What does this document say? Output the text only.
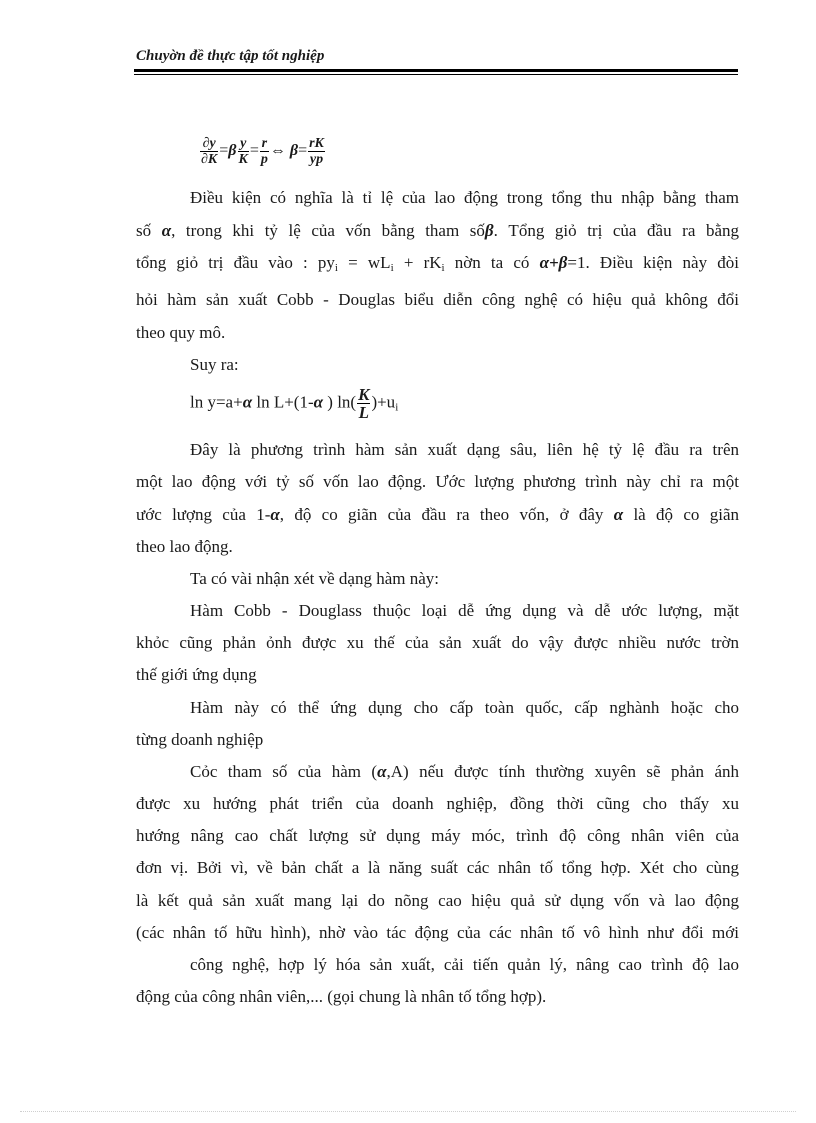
Chuyờn đề thực tập tốt nghiệp
$\frac{\partial y}{\partial K} =\beta \frac{y}{K} = \frac{r}{p}$ ⇔ $\beta= \frac{rK}{yp}$
Điều kiện có nghĩa là tỉ lệ của lao động trong tổng thu nhập bằng tham
số α, trong khi tỷ lệ của vốn bằng tham sốβ. Tổng giỏ trị của đầu ra bằng
tổng giỏ trị đầu vào : $py_i = wL_i + rK_i$ nờn ta có α+β=1. Điều kiện này đòi
hỏi hàm sản xuất Cobb - Douglas biểu diễn công nghệ có hiệu quả không đổi
theo quy mô.
Suy ra:
ln y=a+α ln L+(1-α ) $\ln( \frac{K}{L} )+u_i$
Đây là phương trình hàm sản xuất dạng sâu, liên hệ tỷ lệ đầu ra trên
một lao động với tỷ số vốn lao động. Ước lượng phương trình này chỉ ra một
ước lượng của 1-α, độ co giãn của đầu ra theo vốn, ở đây α là độ co giãn
theo lao động.
Ta có vài nhận xét về dạng hàm này:
Hàm Cobb - Douglass thuộc loại dễ ứng dụng và dễ ước lượng, mặt
khỏc cũng phản ỏnh được xu thế của sản xuất do vậy được nhiều nước trờn
thế giới ứng dụng
Hàm này có thể ứng dụng cho cấp toàn quốc, cấp nghành hoặc cho
từng doanh nghiệp
Cỏc tham số của hàm (α,A) nếu được tính thường xuyên sẽ phản ánh
được xu hướng phát triển của doanh nghiệp, đồng thời cũng cho thấy xu
hướng nâng cao chất lượng sử dụng máy móc, trình độ công nhân viên của
đơn vị. Bởi vì, về bản chất a là năng suất các nhân tố tổng hợp. Xét cho cùng
là kết quả sản xuất mang lại do nõng cao hiệu quả sử dụng vốn và lao động
(các nhân tố hữu hình), nhờ vào tác động của các nhân tố vô hình như đổi mới
công nghệ, hợp lý hóa sản xuất, cải tiến quản lý, nâng cao trình độ lao
động của công nhân viên,... (gọi chung là nhân tố tổng hợp).
